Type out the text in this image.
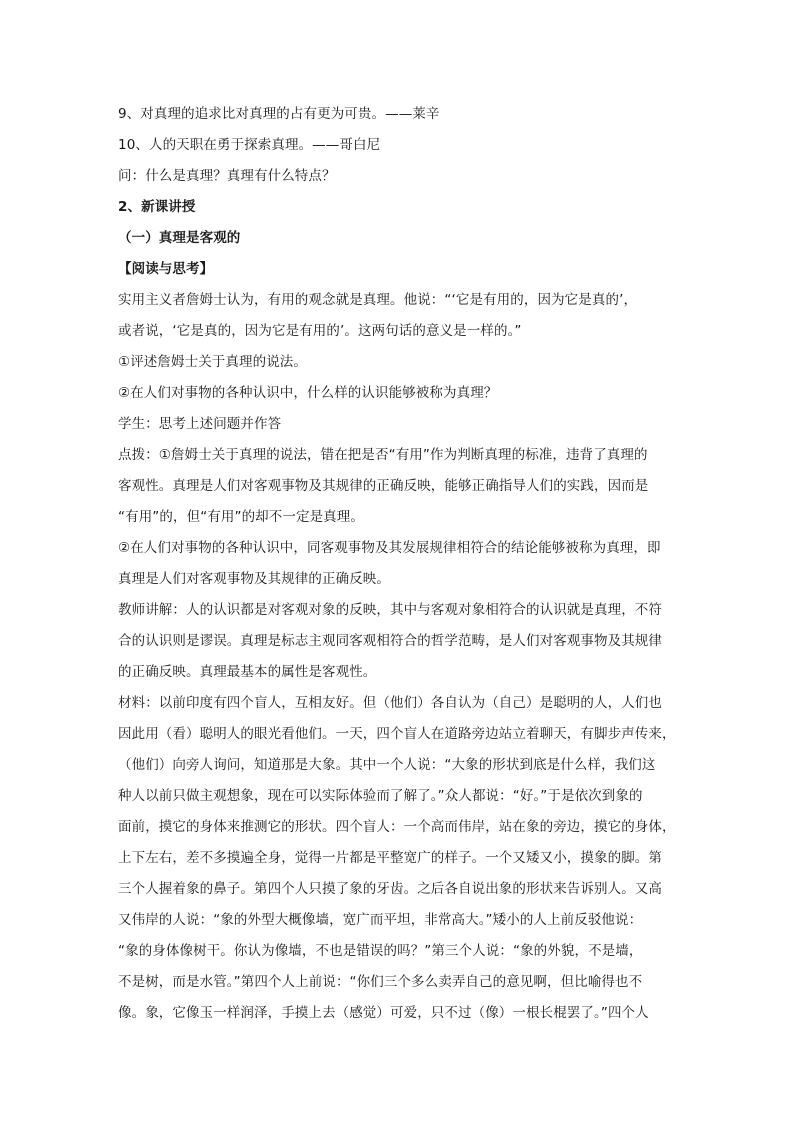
9、对真理的追求比对真理的占有更为可贵。——莱辛
10、人的天职在勇于探索真理。——哥白尼
问：什么是真理？真理有什么特点？
2、新课讲授
（一）真理是客观的
【阅读与思考】
实用主义者詹姆士认为，有用的观念就是真理。他说：“‘它是有用的，因为它是真的’，
或者说，‘它是真的，因为它是有用的’。这两句话的意义是一样的。”
①评述詹姆士关于真理的说法。
②在人们对事物的各种认识中，什么样的认识能够被称为真理？
学生：思考上述问题并作答
点拨：①詹姆士关于真理的说法，错在把是否“有用”作为判断真理的标准，违背了真理的
客观性。真理是人们对客观事物及其规律的正确反映，能够正确指导人们的实践，因而是
“有用”的，但“有用”的却不一定是真理。
②在人们对事物的各种认识中，同客观事物及其发展规律相符合的结论能够被称为真理，即
真理是人们对客观事物及其规律的正确反映。
教师讲解：人的认识都是对客观对象的反映，其中与客观对象相符合的认识就是真理，不符
合的认识则是谬误。真理是标志主观同客观相符合的哲学范畴，是人们对客观事物及其规律
的正确反映。真理最基本的属性是客观性。
材料：以前印度有四个盲人，互相友好。但（他们）各自认为（自己）是聪明的人，人们也
因此用（看）聪明人的眼光看他们。一天，四个盲人在道路旁边站立着聊天，有脚步声传来，
（他们）向旁人询问，知道那是大象。其中一个人说：“大象的形状到底是什么样，我们这
种人以前只做主观想象，现在可以实际体验而了解了。”众人都说：“好。”于是依次到象的
面前，摸它的身体来推测它的形状。四个盲人：一个高而伟岸，站在象的旁边，摸它的身体，
上下左右，差不多摸遍全身，觉得一片都是平整宽广的样子。一个又矮又小，摸象的脚。第
三个人握着象的鼻子。第四个人只摸了象的牙齿。之后各自说出象的形状来告诉别人。又高
又伟岸的人说：“象的外型大概像墙，宽广而平坦，非常高大。”矮小的人上前反驳他说：
“象的身体像树干。你认为像墙，不也是错误的吗？”第三个人说：“象的外貌，不是墙，
不是树，而是水管。”第四个人上前说：“你们三个多么卖弄自己的意见啊，但比喻得也不
像。象，它像玉一样润泽，手摸上去（感觉）可爱，只不过（像）一根长棍罢了。”四个人
